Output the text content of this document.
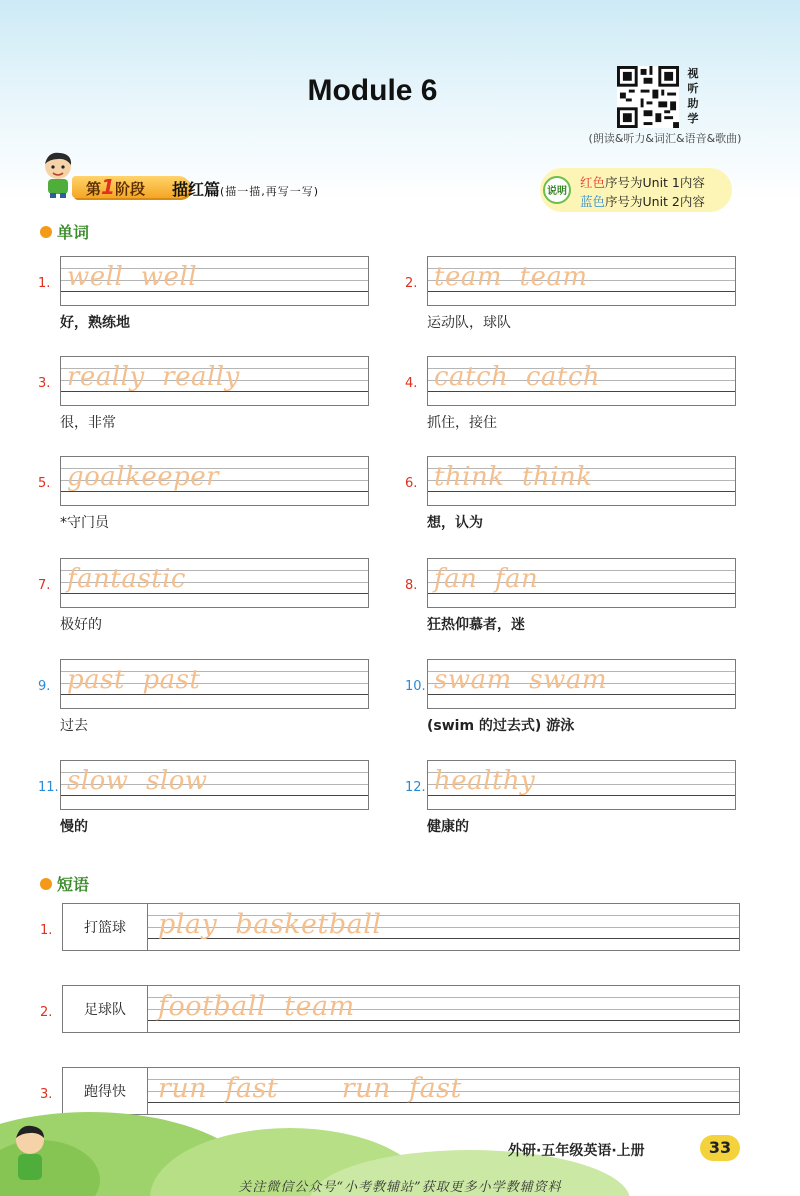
Module 6
视
听
助
学
(朗读&听力&词汇&语音&歌曲)
第1阶段	描红篇(描一描,再写一写)	说明
红色序号为Unit 1内容
蓝色序号为Unit 2内容
单词
1. well  well
好，熟练地
2. team  team
运动队，球队
3. really  really
很，非常
4. catch  catch
抓住，接住
5. goalkeeper
*守门员
6. think  think
想，认为
7. fantastic
极好的
8. fan  fan
狂热仰慕者，迷
9. past  past
过去
10. swam  swam
(swim 的过去式) 游泳
11. slow  slow
慢的
12. healthy
健康的
短语
1.	打篮球	play  basketball
2.	足球队	football  team
3.	跑得快	run  fast       run  fast
外研·五年级英语·上册	33
关注微信公众号“小考教辅站”获取更多小学教辅资料
